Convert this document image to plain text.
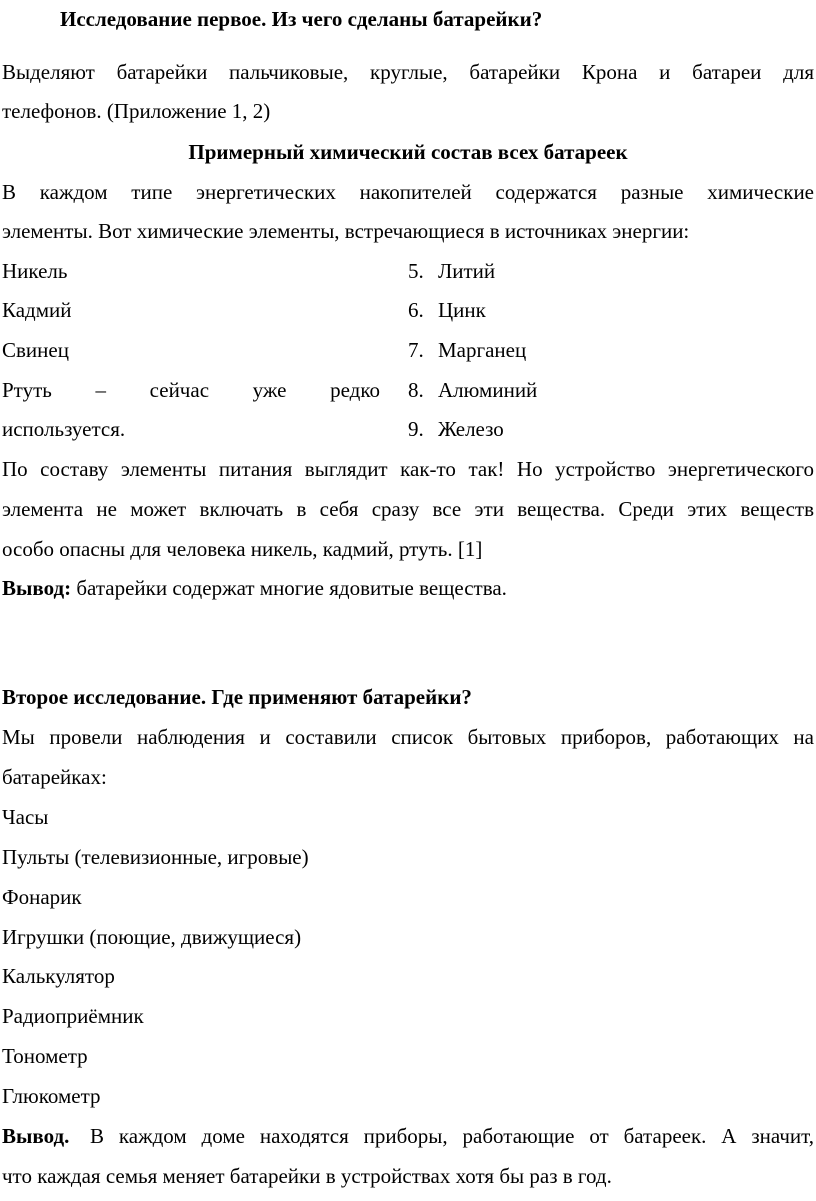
Исследование первое. Из чего сделаны батарейки?
Выделяют батарейки пальчиковые, круглые, батарейки Крона и батареи для
телефонов. (Приложение 1, 2)
Примерный химический состав всех батареек
В каждом типе энергетических накопителей содержатся разные химические
элементы. Вот химические элементы, встречающиеся в источниках энергии:
Никель
Кадмий
Свинец
Ртуть – сейчас уже редко
используется.
5. Литий
6. Цинк
7. Марганец
8. Алюминий
9. Железо
По составу элементы питания выглядит как-то так! Но устройство энергетического
элемента не может включать в себя сразу все эти вещества. Среди этих веществ
особо опасны для человека никель, кадмий, ртуть. [1]
Вывод: батарейки содержат многие ядовитые вещества.
Второе исследование. Где применяют батарейки?
Мы провели наблюдения и составили список бытовых приборов, работающих на
батарейках:
Часы
Пульты (телевизионные, игровые)
Фонарик
Игрушки (поющие, движущиеся)
Калькулятор
Радиоприёмник
Тонометр
Глюкометр
Вывод. В каждом доме находятся приборы, работающие от батареек. А значит,
что каждая семья меняет батарейки в устройствах хотя бы раз в год.
